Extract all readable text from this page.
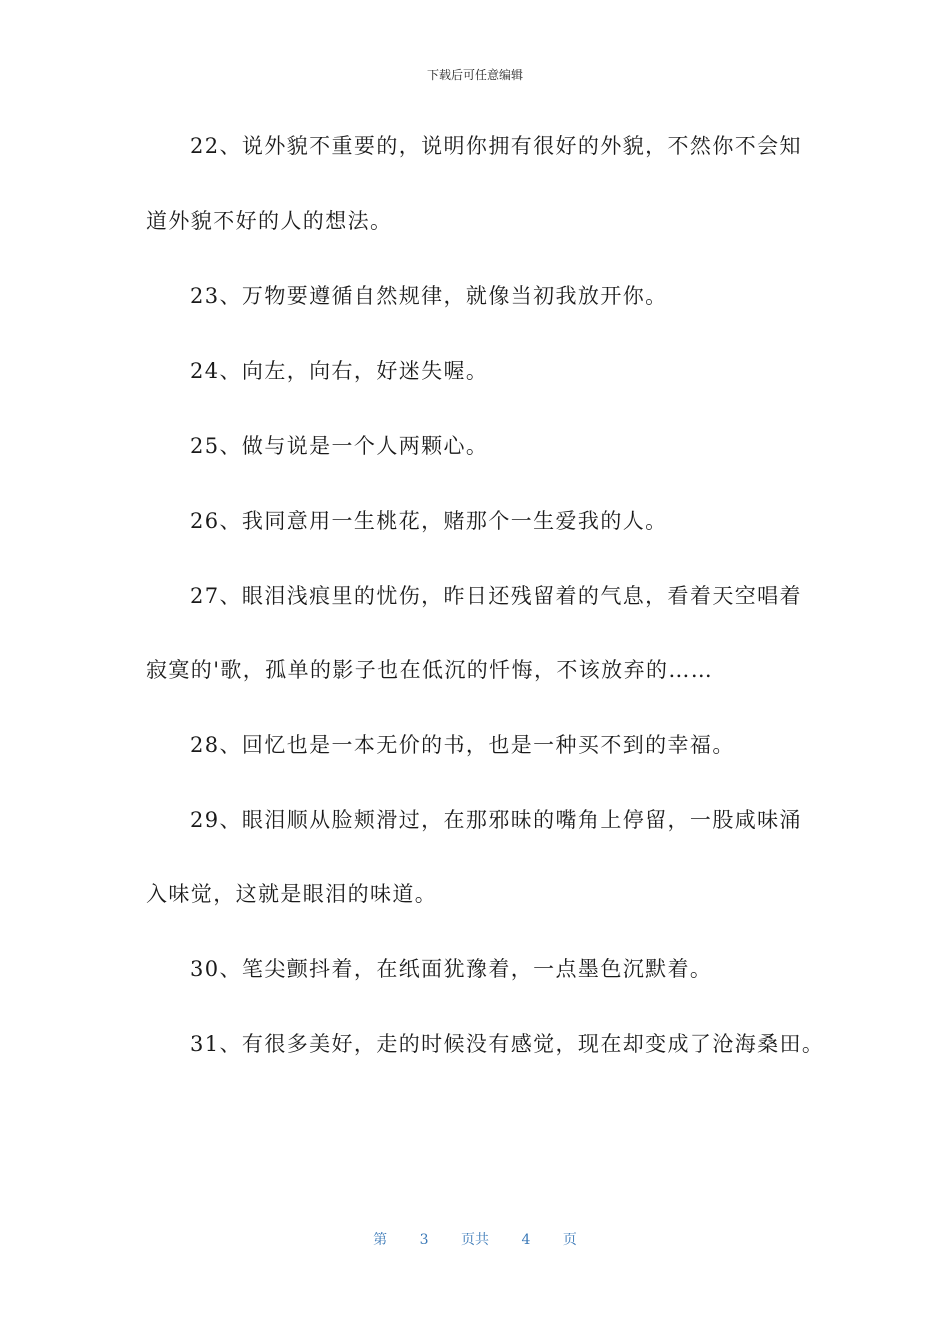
下载后可任意编辑
22、说外貌不重要的，说明你拥有很好的外貌，不然你不会知
道外貌不好的人的想法。
23、万物要遵循自然规律，就像当初我放开你。
24、向左，向右，好迷失喔。
25、做与说是一个人两颗心。
26、我同意用一生桃花，赌那个一生爱我的人。
27、眼泪浅痕里的忧伤，昨日还残留着的气息，看着天空唱着
寂寞的'歌，孤单的影子也在低沉的忏悔，不该放弃的……
28、回忆也是一本无价的书，也是一种买不到的幸福。
29、眼泪顺从脸颊滑过，在那邪昧的嘴角上停留，一股咸味涌
入味觉，这就是眼泪的味道。
30、笔尖颤抖着，在纸面犹豫着，一点墨色沉默着。
31、有很多美好，走的时候没有感觉，现在却变成了沧海桑田。
第 3 页共 4 页
